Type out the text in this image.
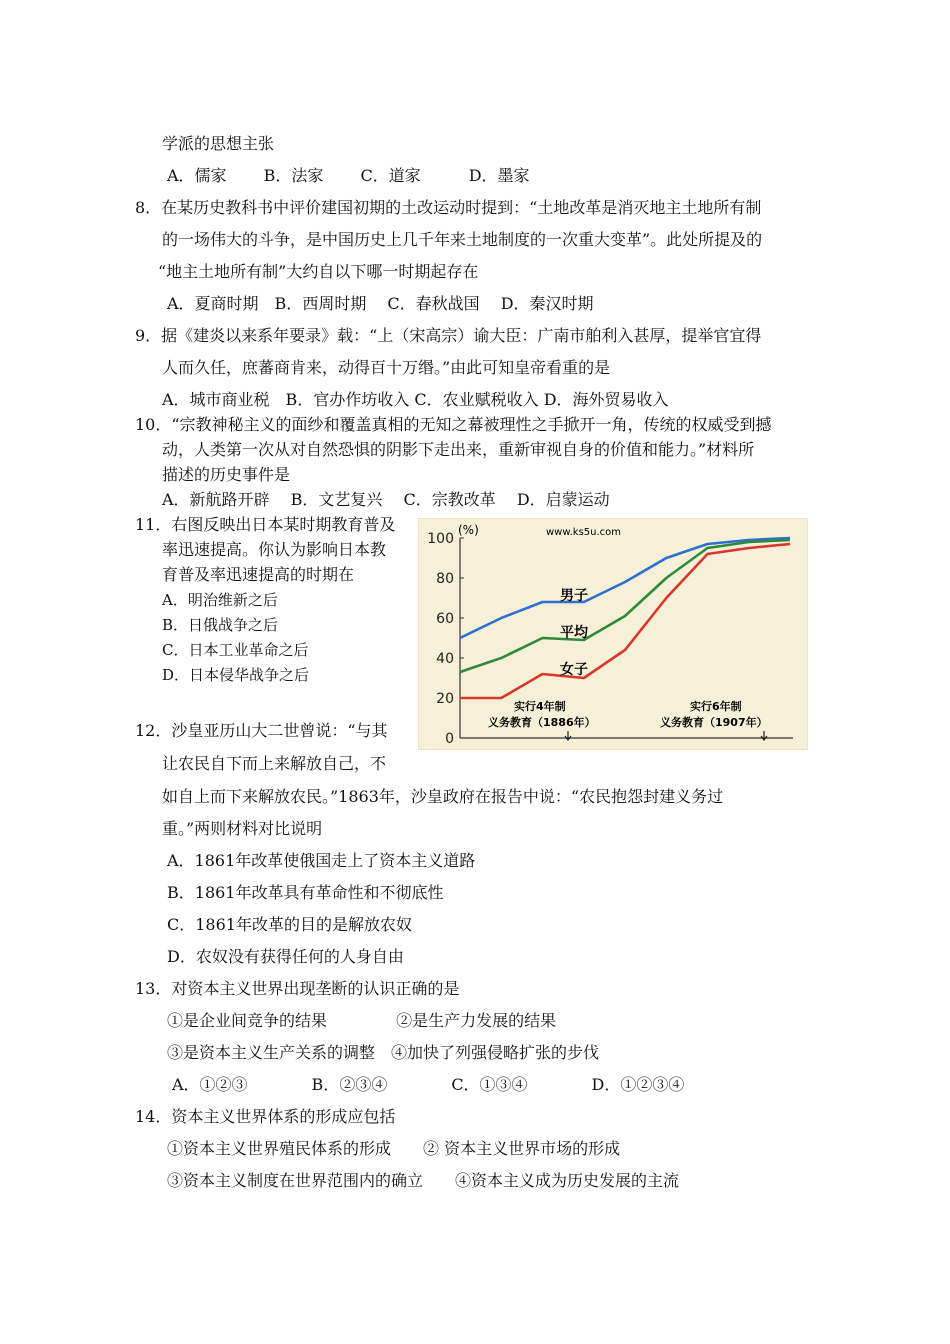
学派的思想主张
A．儒家　　 B．法家　　 C．道家　　　D．墨家
8．在某历史教科书中评价建国初期的土改运动时提到：“土地改革是消灭地主土地所有制
的一场伟大的斗争，是中国历史上几千年来土地制度的一次重大变革”。此处所提及的
“地主土地所有制”大约自以下哪一时期起存在
A．夏商时期　B．西周时期　 C．春秋战国　 D．秦汉时期
9．据《建炎以来系年要录》载：“上（宋高宗）谕大臣：广南市舶利入甚厚，提举官宜得
人而久任，庶蕃商肯来，动得百十万缗。”由此可知皇帝看重的是
A．城市商业税　B．官办作坊收入 C．农业赋税收入 D．海外贸易收入
10．“宗教神秘主义的面纱和覆盖真相的无知之幕被理性之手掀开一角，传统的权威受到撼
动，人类第一次从对自然恐惧的阴影下走出来，重新审视自身的价值和能力。”材料所
描述的历史事件是
A．新航路开辟　 B．文艺复兴　 C．宗教改革　 D．启蒙运动
11．右图反映出日本某时期教育普及
率迅速提高。你认为影响日本教
育普及率迅速提高的时期在
A．明治维新之后
B．日俄战争之后
C．日本工业革命之后
D．日本侵华战争之后
12．沙皇亚历山大二世曾说：“与其
让农民自下而上来解放自己，不
如自上而下来解放农民。”1863年，沙皇政府在报告中说：“农民抱怨封建义务过
重。”两则材料对比说明
A．1861年改革使俄国走上了资本主义道路
B．1861年改革具有革命性和不彻底性
C．1861年改革的目的是解放农奴
D．农奴没有获得任何的人身自由
13．对资本主义世界出现垄断的认识正确的是
①是企业间竞争的结果　　　　 ②是生产力发展的结果
③是资本主义生产关系的调整　④加快了列强侵略扩张的步伐
A．①②③　　　　B．②③④　　　　C．①③④　　　　D．①②③④
14．资本主义世界体系的形成应包括
①资本主义世界殖民体系的形成　　② 资本主义世界市场的形成
③资本主义制度在世界范围内的确立　　④资本主义成为历史发展的主流
0
20
40
60
80
100
(%)	www.ks5u.com
男子
平均
女子
实行4年制
义务教育（1886年）
实行6年制
义务教育（1907年）
